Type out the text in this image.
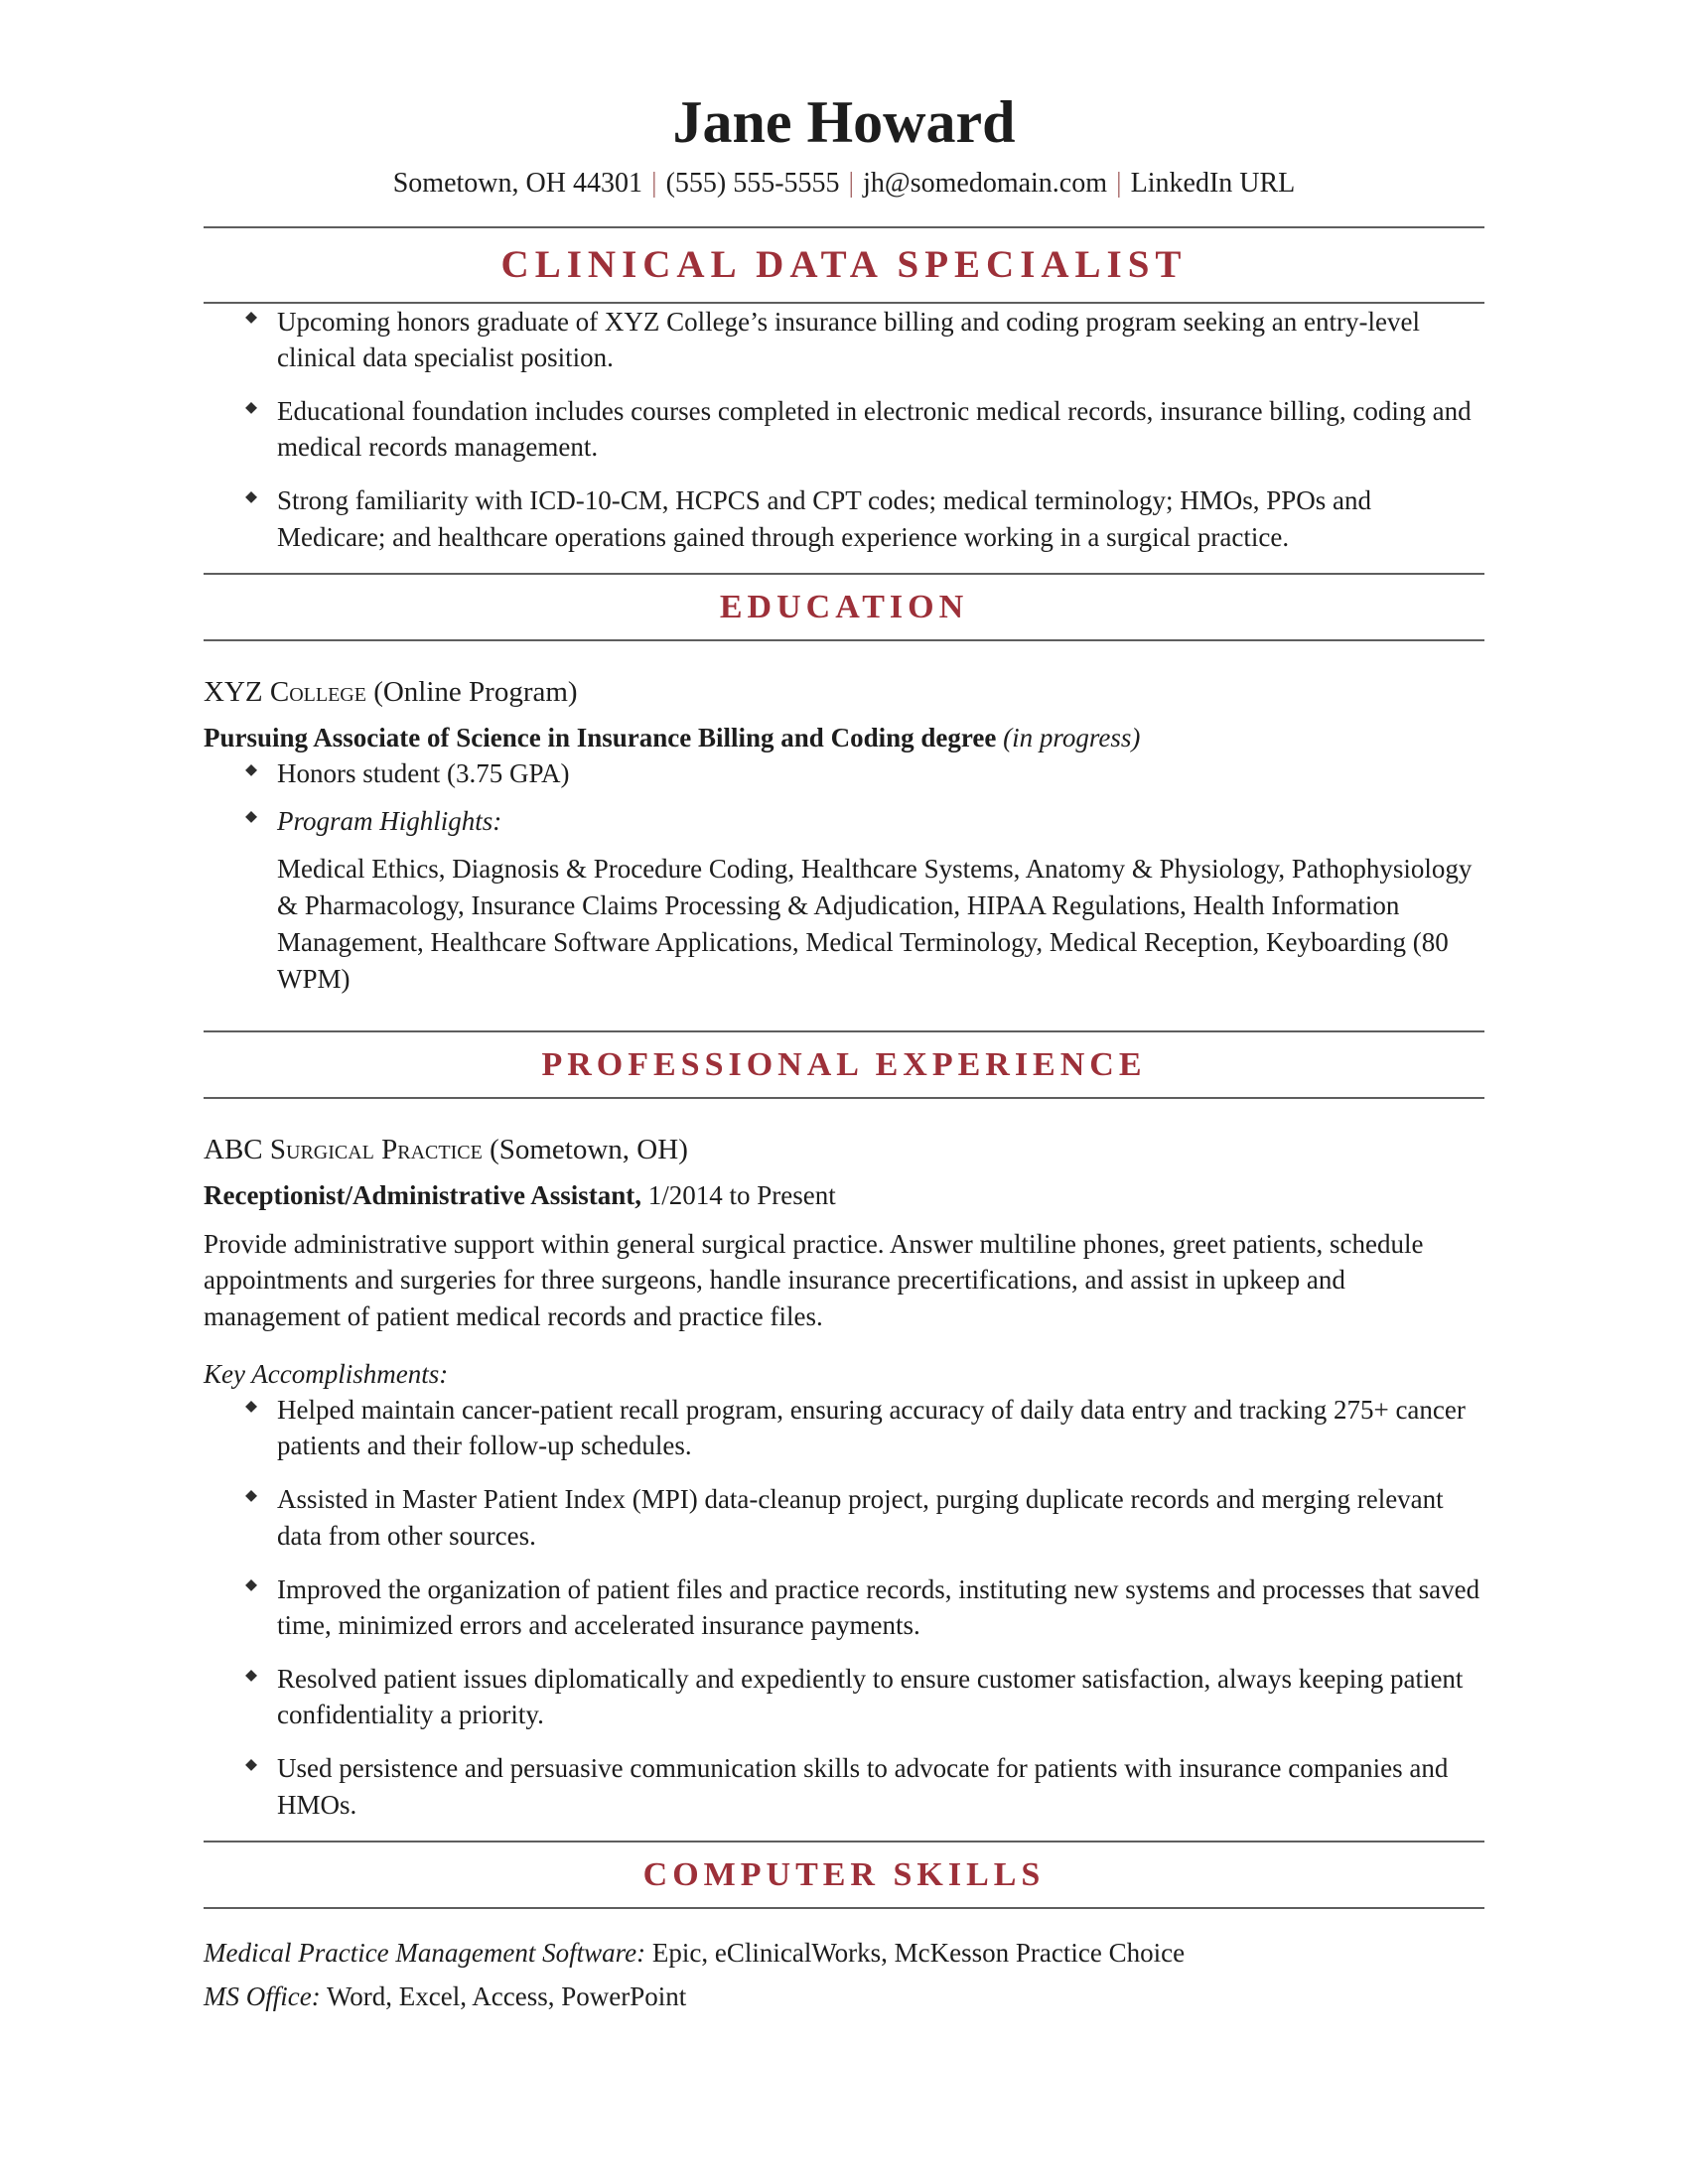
Jane Howard

Sometown, OH 44301 | (555) 555-5555 | jh@somedomain.com | LinkedIn URL

CLINICAL DATA SPECIALIST
◆ Upcoming honors graduate of XYZ College’s insurance billing and coding program seeking an entry-level clinical data specialist position.
◆ Educational foundation includes courses completed in electronic medical records, insurance billing, coding and medical records management.
◆ Strong familiarity with ICD-10-CM, HCPCS and CPT codes; medical terminology; HMOs, PPOs and Medicare; and healthcare operations gained through experience working in a surgical practice.
EDUCATION

XYZ College (Online Program)

Pursuing Associate of Science in Insurance Billing and Coding degree (in progress)

◆ Honors student (3.75 GPA)
◆ Program Highlights:

Medical Ethics, Diagnosis & Procedure Coding, Healthcare Systems, Anatomy & Physiology, Pathophysiology & Pharmacology, Insurance Claims Processing & Adjudication, HIPAA Regulations, Health Information Management, Healthcare Software Applications, Medical Terminology, Medical Reception, Keyboarding (80 WPM)

PROFESSIONAL EXPERIENCE

ABC Surgical Practice (Sometown, OH)

Receptionist/Administrative Assistant, 1/2014 to Present

Provide administrative support within general surgical practice. Answer multiline phones, greet patients, schedule appointments and surgeries for three surgeons, handle insurance precertifications, and assist in upkeep and management of patient medical records and practice files.

Key Accomplishments:

◆ Helped maintain cancer-patient recall program, ensuring accuracy of daily data entry and tracking 275+ cancer patients and their follow-up schedules.
◆ Assisted in Master Patient Index (MPI) data-cleanup project, purging duplicate records and merging relevant data from other sources.
◆ Improved the organization of patient files and practice records, instituting new systems and processes that saved time, minimized errors and accelerated insurance payments.
◆ Resolved patient issues diplomatically and expediently to ensure customer satisfaction, always keeping patient confidentiality a priority.
◆ Used persistence and persuasive communication skills to advocate for patients with insurance companies and HMOs.
COMPUTER SKILLS

Medical Practice Management Software: Epic, eClinicalWorks, McKesson Practice Choice

MS Office: Word, Excel, Access, PowerPoint
